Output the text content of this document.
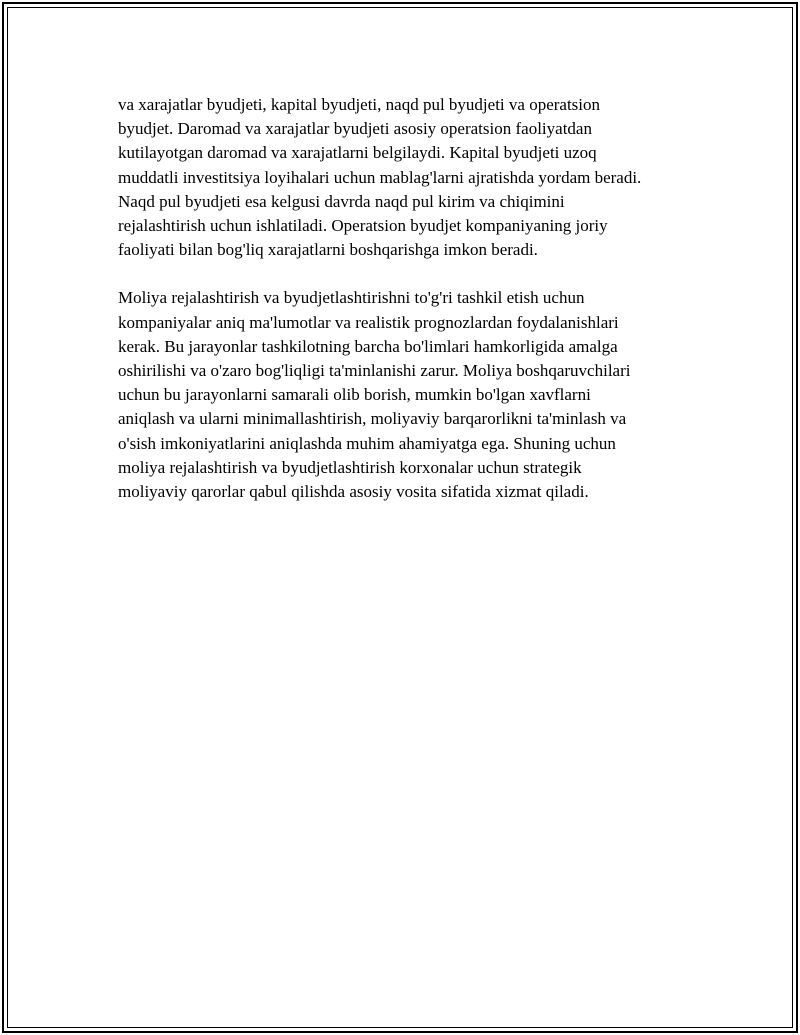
va xarajatlar byudjeti, kapital byudjeti, naqd pul byudjeti va operatsion

byudjet. Daromad va xarajatlar byudjeti asosiy operatsion faoliyatdan

kutilayotgan daromad va xarajatlarni belgilaydi. Kapital byudjeti uzoq

muddatli investitsiya loyihalari uchun mablag'larni ajratishda yordam beradi.

Naqd pul byudjeti esa kelgusi davrda naqd pul kirim va chiqimini

rejalashtirish uchun ishlatiladi. Operatsion byudjet kompaniyaning joriy

faoliyati bilan bog'liq xarajatlarni boshqarishga imkon beradi.

Moliya rejalashtirish va byudjetlashtirishni to'g'ri tashkil etish uchun

kompaniyalar aniq ma'lumotlar va realistik prognozlardan foydalanishlari

kerak. Bu jarayonlar tashkilotning barcha bo'limlari hamkorligida amalga

oshirilishi va o'zaro bog'liqligi ta'minlanishi zarur. Moliya boshqaruvchilari

uchun bu jarayonlarni samarali olib borish, mumkin bo'lgan xavflarni

aniqlash va ularni minimallashtirish, moliyaviy barqarorlikni ta'minlash va

o'sish imkoniyatlarini aniqlashda muhim ahamiyatga ega. Shuning uchun

moliya rejalashtirish va byudjetlashtirish korxonalar uchun strategik

moliyaviy qarorlar qabul qilishda asosiy vosita sifatida xizmat qiladi.
